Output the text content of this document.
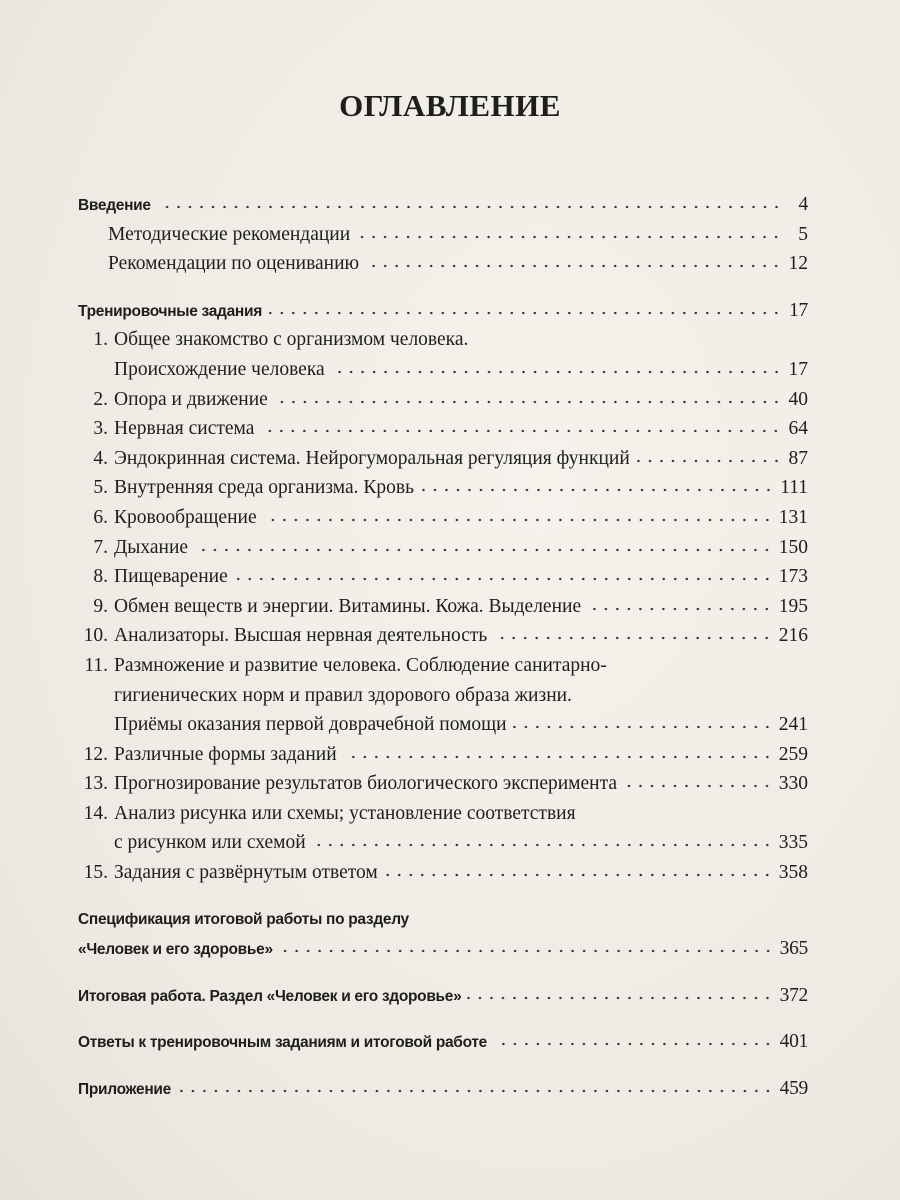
ОГЛАВЛЕНИЕ
Введение	4
Методические рекомендации	5
Рекомендации по оцениванию	12
Тренировочные задания	17
1. Общее знакомство с организмом человека.
Происхождение человека	17
2. Опора и движение	40
3. Нервная система	64
4. Эндокринная система. Нейрогуморальная регуляция функций	87
5. Внутренняя среда организма. Кровь	111
6. Кровообращение	131
7. Дыхание	150
8. Пищеварение	173
9. Обмен веществ и энергии. Витамины. Кожа. Выделение	195
10. Анализаторы. Высшая нервная деятельность	216
11. Размножение и развитие человека. Соблюдение санитарно-
гигиенических норм и правил здорового образа жизни.
Приёмы оказания первой доврачебной помощи	241
12. Различные формы заданий	259
13. Прогнозирование результатов биологического эксперимента	330
14. Анализ рисунка или схемы; установление соответствия
с рисунком или схемой	335
15. Задания с развёрнутым ответом	358
Спецификация итоговой работы по разделу
«Человек и его здоровье»	365
Итоговая работа. Раздел «Человек и его здоровье»	372
Ответы к тренировочным заданиям и итоговой работе	401
Приложение	459
